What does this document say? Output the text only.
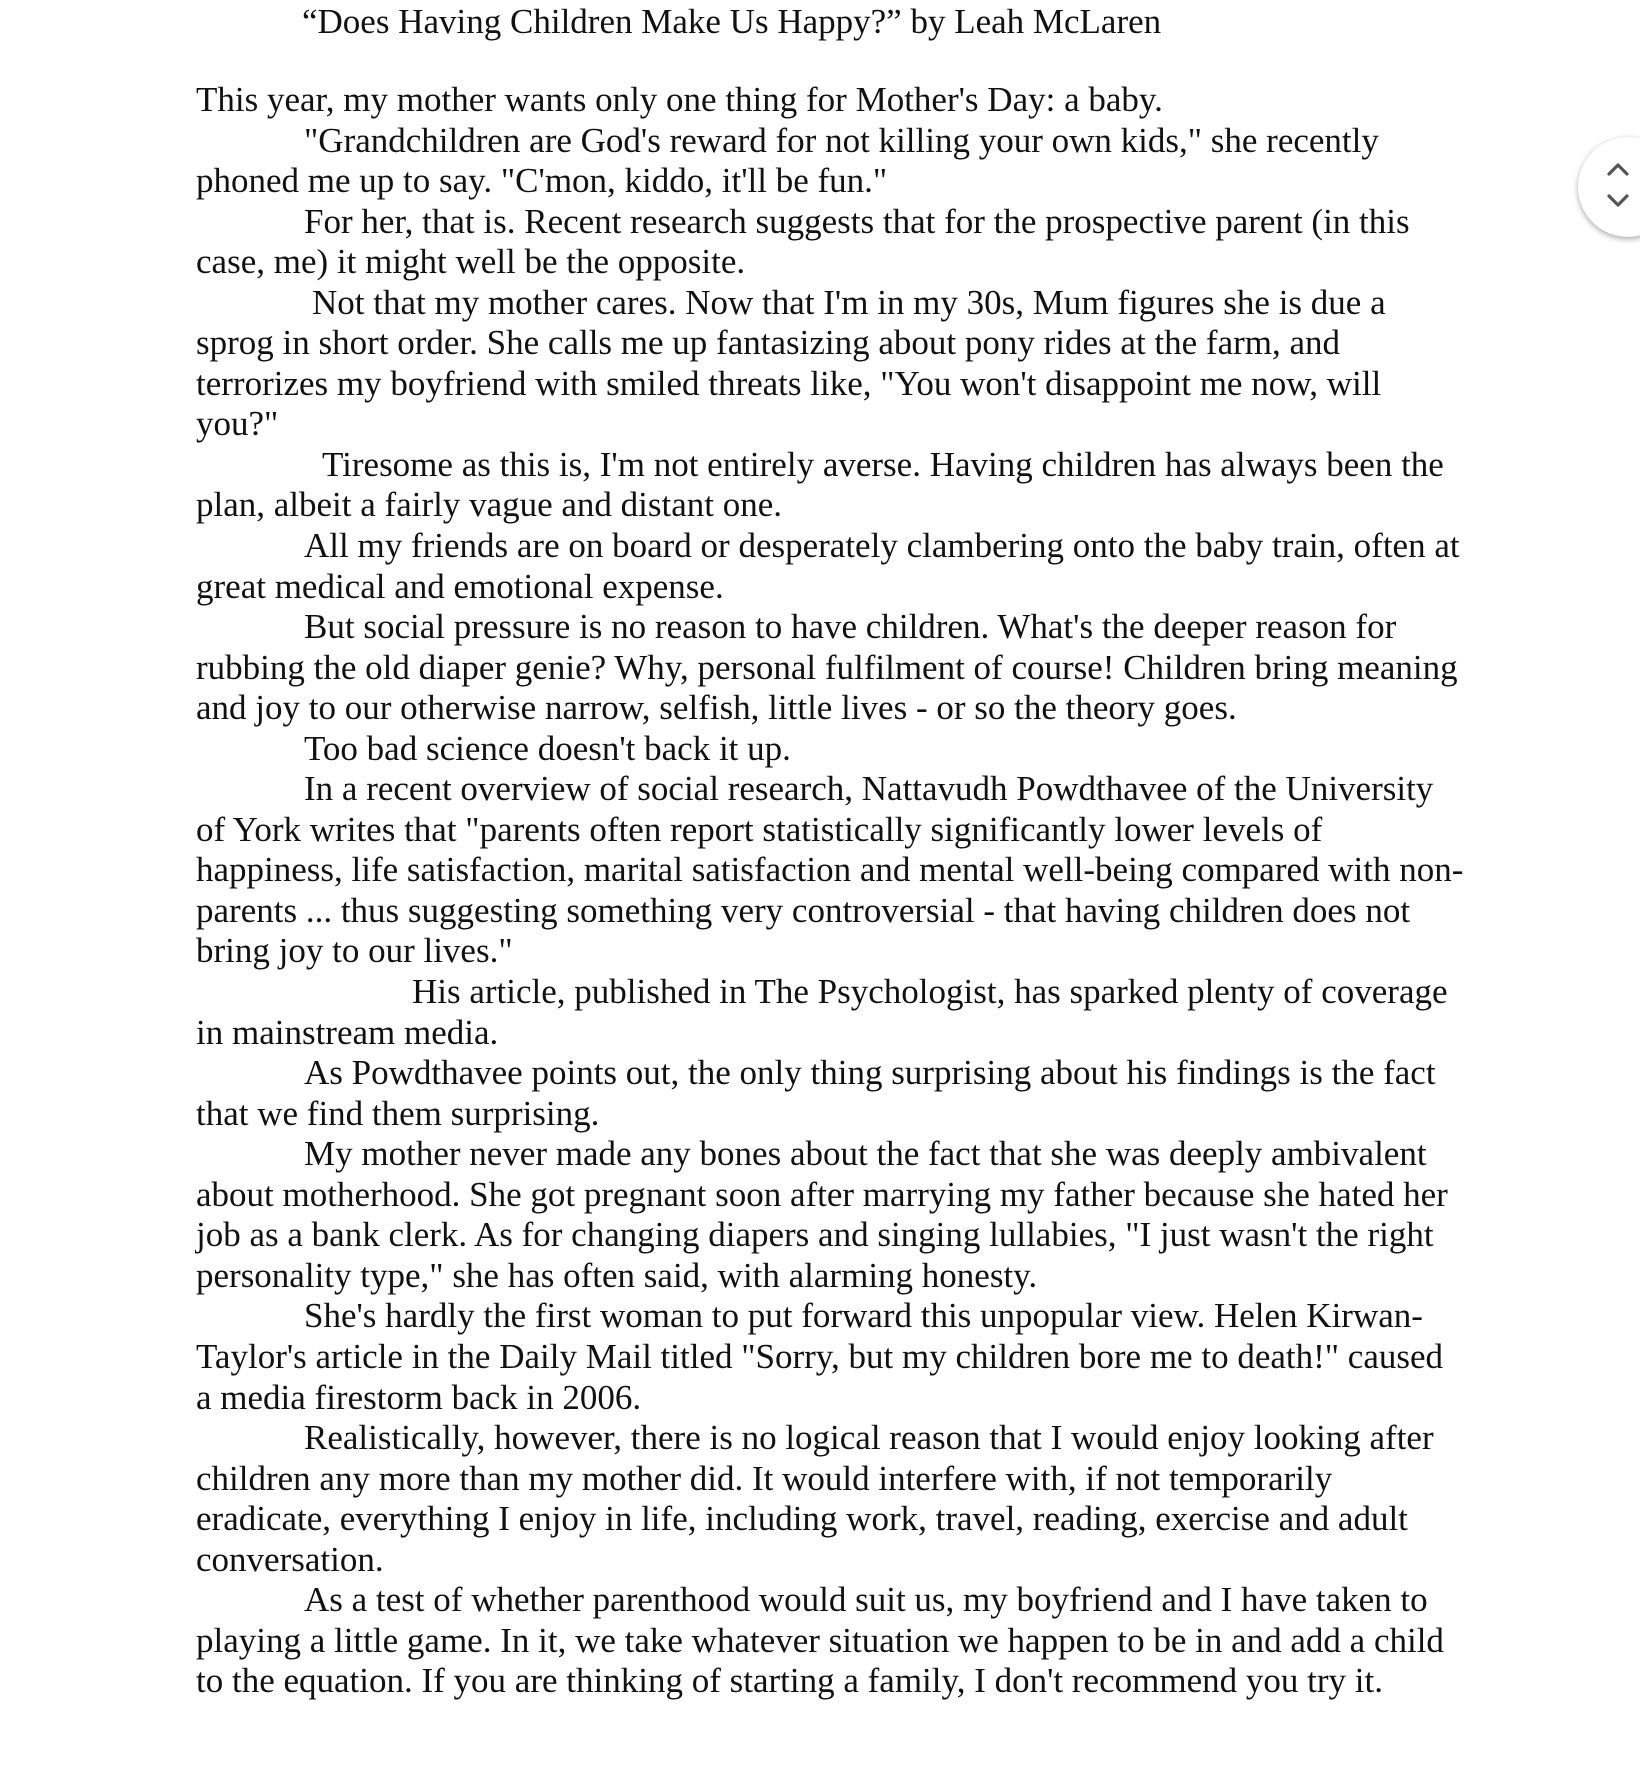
“Does Having Children Make Us Happy?” by Leah McLaren

This year, my mother wants only one thing for Mother's Day: a baby.

"Grandchildren are God's reward for not killing your own kids," she recently phoned me up to say. "C'mon, kiddo, it'll be fun."

For her, that is. Recent research suggests that for the prospective parent (in this case, me) it might well be the opposite.

Not that my mother cares. Now that I'm in my 30s, Mum figures she is due a sprog in short order. She calls me up fantasizing about pony rides at the farm, and terrorizes my boyfriend with smiled threats like, "You won't disappoint me now, will you?"

Tiresome as this is, I'm not entirely averse. Having children has always been the plan, albeit a fairly vague and distant one.

All my friends are on board or desperately clambering onto the baby train, often at great medical and emotional expense.

But social pressure is no reason to have children. What's the deeper reason for rubbing the old diaper genie? Why, personal fulfilment of course! Children bring meaning and joy to our otherwise narrow, selfish, little lives - or so the theory goes.

Too bad science doesn't back it up.

In a recent overview of social research, Nattavudh Powdthavee of the University of York writes that "parents often report statistically significantly lower levels of happiness, life satisfaction, marital satisfaction and mental well-being compared with non-parents ... thus suggesting something very controversial - that having children does not bring joy to our lives."

His article, published in The Psychologist, has sparked plenty of coverage in mainstream media.

As Powdthavee points out, the only thing surprising about his findings is the fact that we find them surprising.

My mother never made any bones about the fact that she was deeply ambivalent about motherhood. She got pregnant soon after marrying my father because she hated her job as a bank clerk. As for changing diapers and singing lullabies, "I just wasn't the right personality type," she has often said, with alarming honesty.

She's hardly the first woman to put forward this unpopular view. Helen Kirwan-Taylor's article in the Daily Mail titled "Sorry, but my children bore me to death!" caused a media firestorm back in 2006.

Realistically, however, there is no logical reason that I would enjoy looking after children any more than my mother did. It would interfere with, if not temporarily eradicate, everything I enjoy in life, including work, travel, reading, exercise and adult conversation.

As a test of whether parenthood would suit us, my boyfriend and I have taken to playing a little game. In it, we take whatever situation we happen to be in and add a child to the equation. If you are thinking of starting a family, I don't recommend you try it.
